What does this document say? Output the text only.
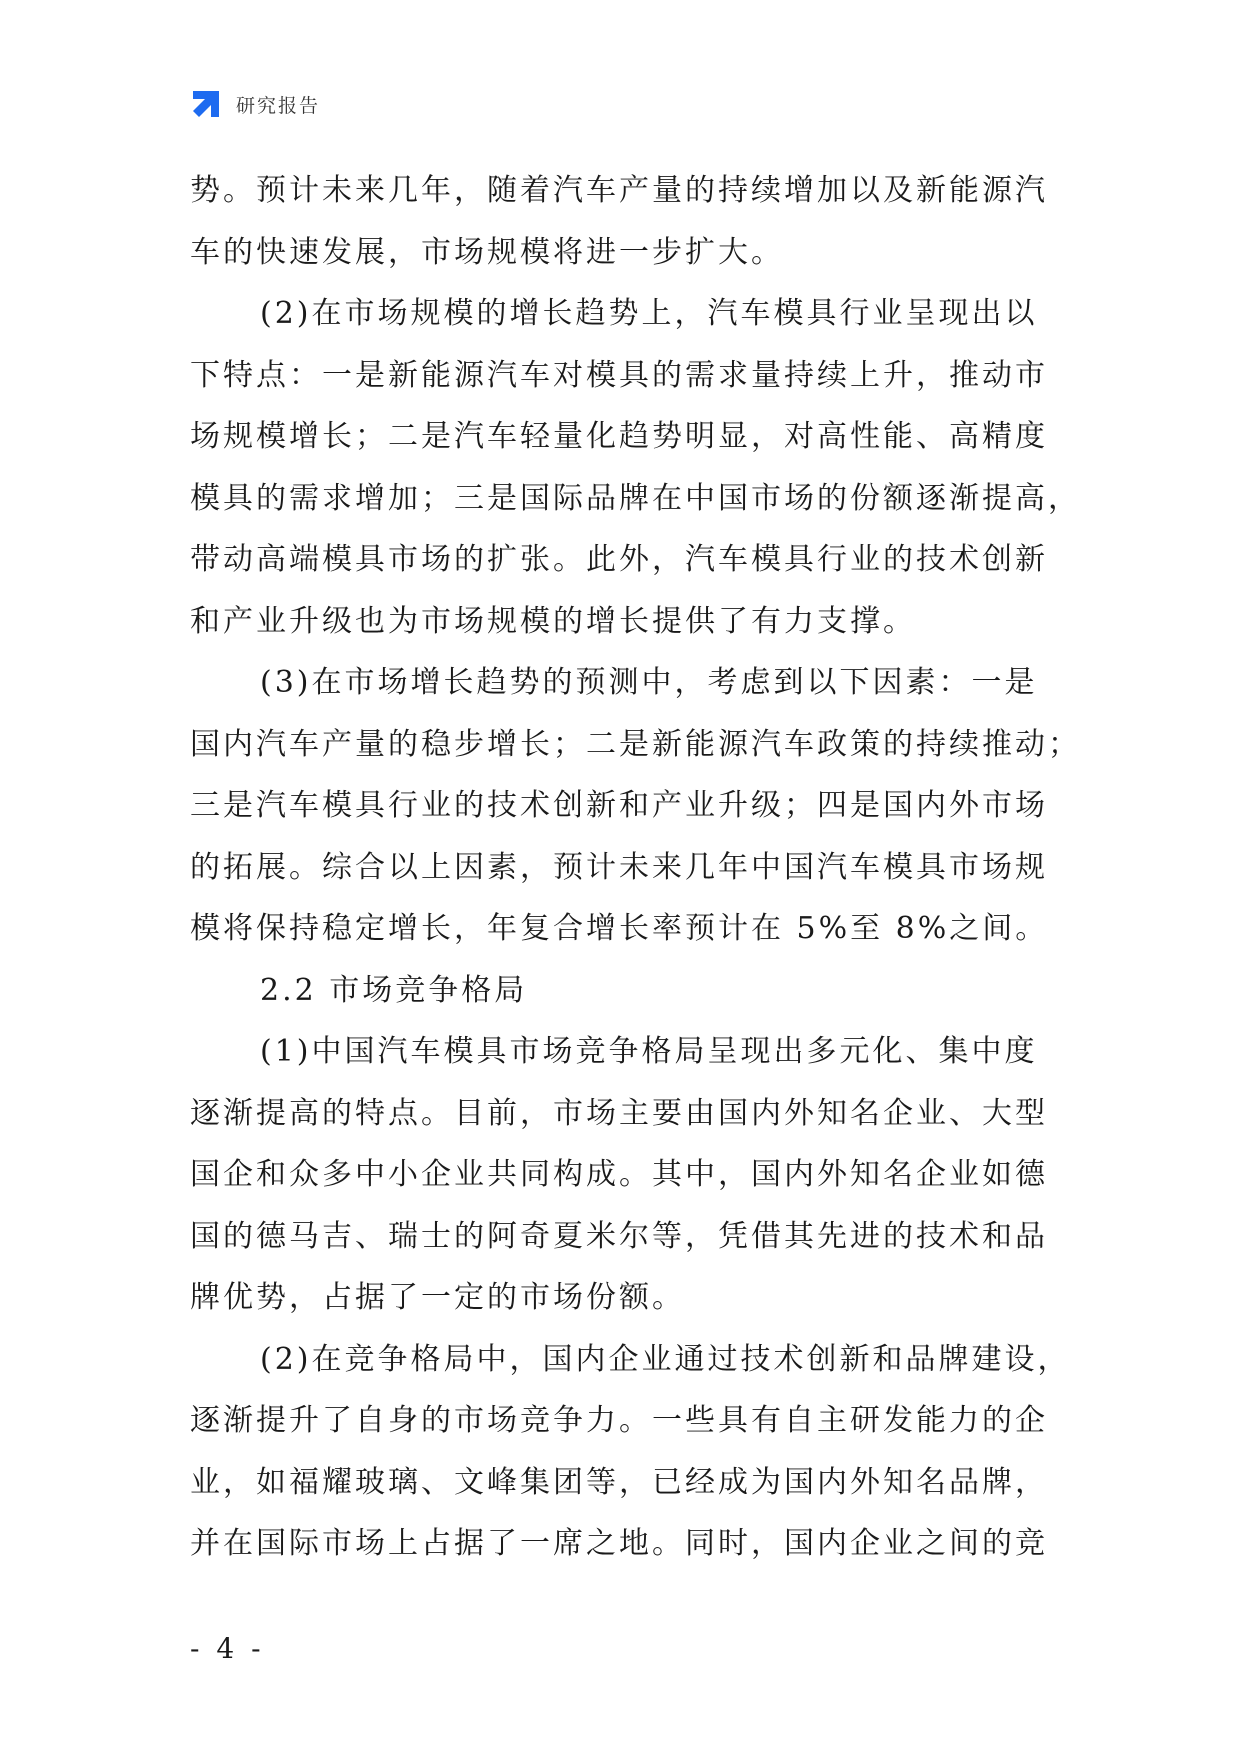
研究报告
势。预计未来几年，随着汽车产量的持续增加以及新能源汽
车的快速发展，市场规模将进一步扩大。
(2)在市场规模的增长趋势上，汽车模具行业呈现出以
下特点：一是新能源汽车对模具的需求量持续上升，推动市
场规模增长；二是汽车轻量化趋势明显，对高性能、高精度
模具的需求增加；三是国际品牌在中国市场的份额逐渐提高，
带动高端模具市场的扩张。此外，汽车模具行业的技术创新
和产业升级也为市场规模的增长提供了有力支撑。
(3)在市场增长趋势的预测中，考虑到以下因素：一是
国内汽车产量的稳步增长；二是新能源汽车政策的持续推动；
三是汽车模具行业的技术创新和产业升级；四是国内外市场
的拓展。综合以上因素，预计未来几年中国汽车模具市场规
模将保持稳定增长，年复合增长率预计在 5%至 8%之间。
2.2 市场竞争格局
(1)中国汽车模具市场竞争格局呈现出多元化、集中度
逐渐提高的特点。目前，市场主要由国内外知名企业、大型
国企和众多中小企业共同构成。其中，国内外知名企业如德
国的德马吉、瑞士的阿奇夏米尔等，凭借其先进的技术和品
牌优势，占据了一定的市场份额。
(2)在竞争格局中，国内企业通过技术创新和品牌建设，
逐渐提升了自身的市场竞争力。一些具有自主研发能力的企
业，如福耀玻璃、文峰集团等，已经成为国内外知名品牌，
并在国际市场上占据了一席之地。同时，国内企业之间的竞
- 4 -
